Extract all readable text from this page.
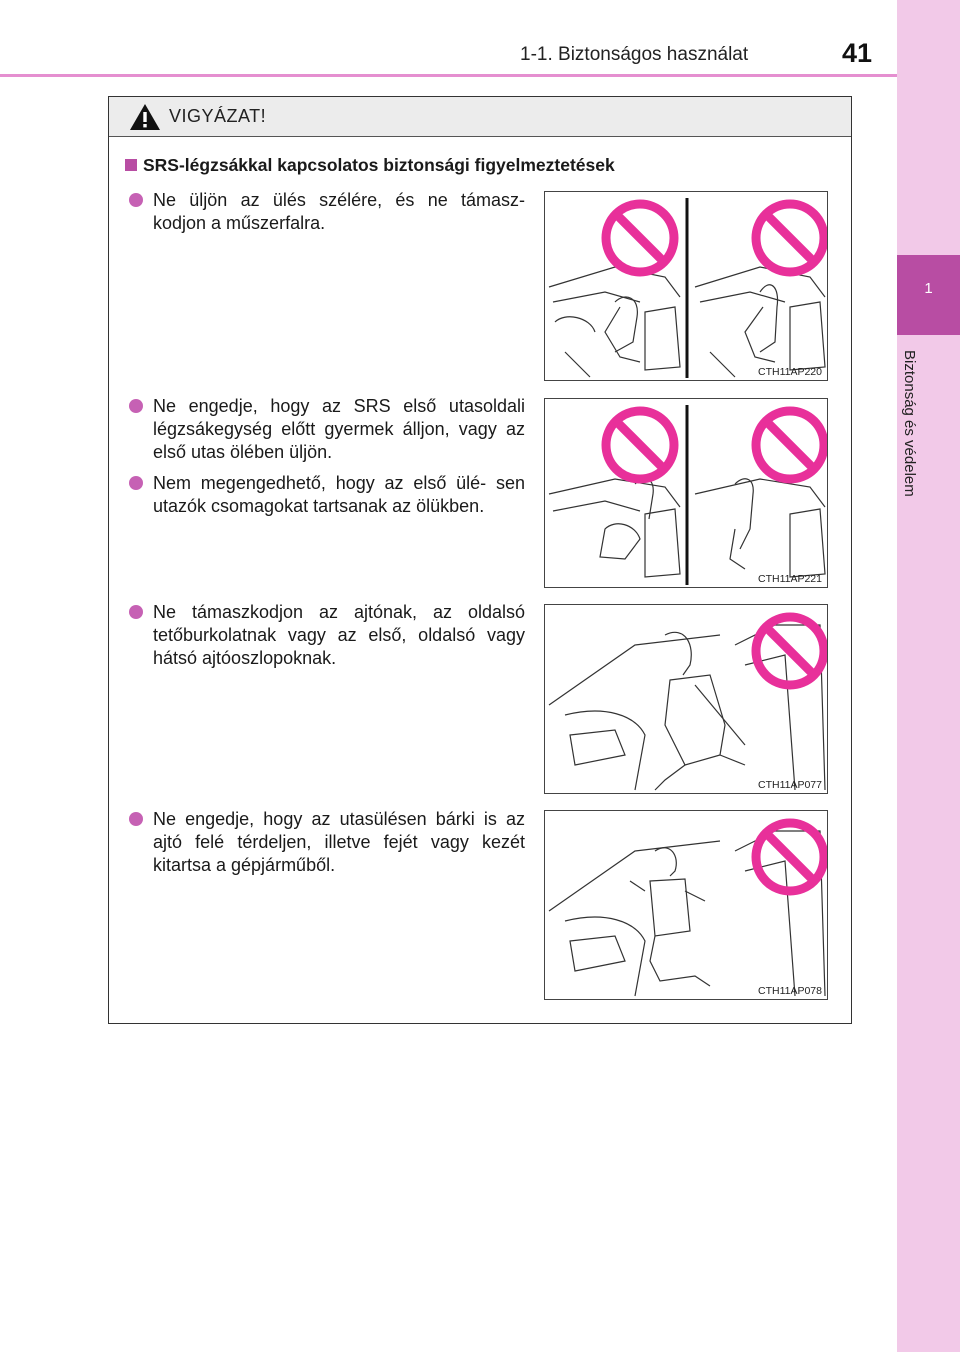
1-1. Biztonságos használat	41
1
Biztonság és védelem
VIGYÁZAT!
SRS-légzsákkal kapcsolatos biztonsági figyelmeztetések

Ne üljön az ülés szélére, és ne támasz- kodjon a műszerfalra.

Ne engedje, hogy az SRS első utasoldali légzsákegység előtt gyermek álljon, vagy az első utas ölében üljön.

Nem megengedhető, hogy az első ülé- sen utazók csomagokat tartsanak az ölükben.

Ne támaszkodjon az ajtónak, az oldalsó tetőburkolatnak vagy az első, oldalsó vagy hátsó ajtóoszlopoknak.

Ne engedje, hogy az utasülésen bárki is az ajtó felé térdeljen, illetve fejét vagy kezét kitartsa a gépjárműből.

CTH11AP220
CTH11AP221
CTH11AP077
CTH11AP078
